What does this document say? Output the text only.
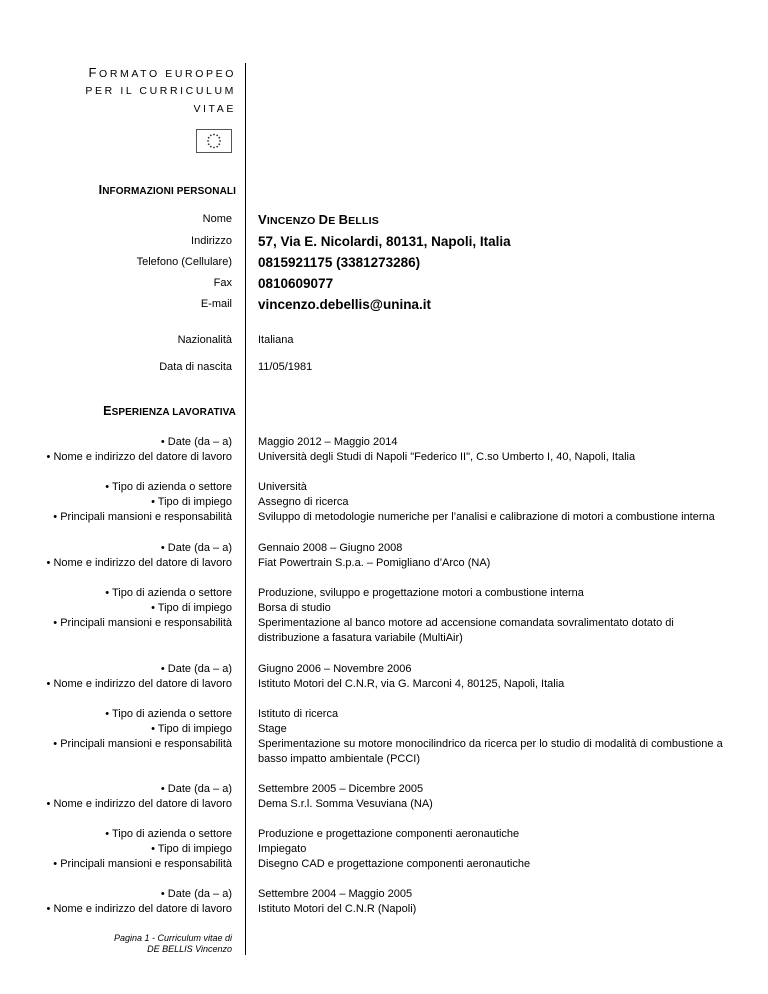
FORMATO EUROPEO
PER IL CURRICULUM
VITAE
INFORMAZIONI PERSONALI
Nome VINCENZO DE BELLIS
Indirizzo 57, Via E. Nicolardi, 80131, Napoli, Italia
Telefono (Cellulare) 0815921175 (3381273286)
Fax 0810609077
E-mail vincenzo.debellis@unina.it
Nazionalità Italiana
Data di nascita 11/05/1981
ESPERIENZA LAVORATIVA
• Date (da – a)
• Nome e indirizzo del datore di lavoro
• Tipo di azienda o settore
• Tipo di impiego
• Principali mansioni e responsabilità
Maggio 2012 – Maggio 2014
Università degli Studi di Napoli "Federico II", C.so Umberto I, 40, Napoli, Italia
Università
Assegno di ricerca
Sviluppo di metodologie numeriche per l’analisi e calibrazione di motori a combustione interna
• Date (da – a)
• Nome e indirizzo del datore di lavoro
• Tipo di azienda o settore
• Tipo di impiego
• Principali mansioni e responsabilità
Gennaio 2008 – Giugno 2008
Fiat Powertrain S.p.a. – Pomigliano d’Arco (NA)
Produzione, sviluppo e progettazione motori a combustione interna
Borsa di studio
Sperimentazione al banco motore ad accensione comandata sovralimentato dotato di distribuzione a fasatura variabile (MultiAir)
• Date (da – a)
• Nome e indirizzo del datore di lavoro
• Tipo di azienda o settore
• Tipo di impiego
• Principali mansioni e responsabilità
Giugno 2006 – Novembre 2006
Istituto Motori del C.N.R, via G. Marconi 4, 80125, Napoli, Italia
Istituto di ricerca
Stage
Sperimentazione su motore monocilindrico da ricerca per lo studio di modalità di combustione a basso impatto ambientale (PCCI)
• Date (da – a)
• Nome e indirizzo del datore di lavoro
• Tipo di azienda o settore
• Tipo di impiego
• Principali mansioni e responsabilità
Settembre 2005 – Dicembre 2005
Dema S.r.l. Somma Vesuviana (NA)
Produzione e progettazione componenti aeronautiche
Impiegato
Disegno CAD e progettazione componenti aeronautiche
• Date (da – a)
• Nome e indirizzo del datore di lavoro
Settembre 2004 – Maggio 2005
Istituto Motori del C.N.R (Napoli)
Pagina 1 - Curriculum vitae di
DE BELLIS Vincenzo
